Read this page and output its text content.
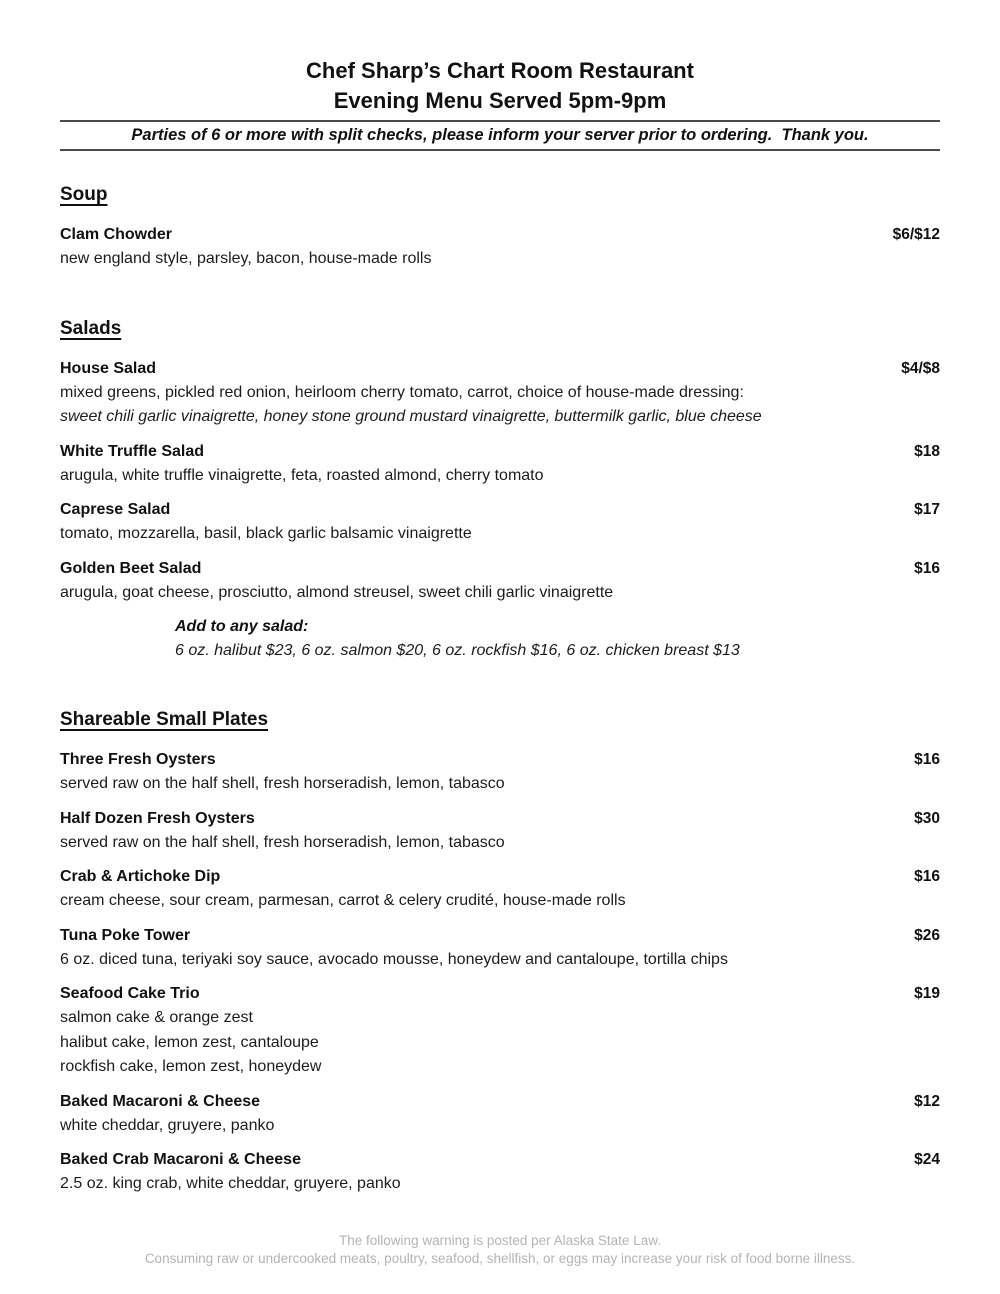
Chef Sharp’s Chart Room Restaurant
Evening Menu Served 5pm-9pm

Parties of 6 or more with split checks, please inform your server prior to ordering.  Thank you.

Soup
Clam Chowder	$6/$12
new england style, parsley, bacon, house-made rolls
Salads
House Salad	$4/$8
mixed greens, pickled red onion, heirloom cherry tomato, carrot, choice of house-made dressing:
sweet chili garlic vinaigrette, honey stone ground mustard vinaigrette, buttermilk garlic, blue cheese
White Truffle Salad	$18
arugula, white truffle vinaigrette, feta, roasted almond, cherry tomato
Caprese Salad	$17
tomato, mozzarella, basil, black garlic balsamic vinaigrette
Golden Beet Salad	$16
arugula, goat cheese, prosciutto, almond streusel, sweet chili garlic vinaigrette
Add to any salad:
6 oz. halibut $23, 6 oz. salmon $20, 6 oz. rockfish $16, 6 oz. chicken breast $13
Shareable Small Plates
Three Fresh Oysters	$16
served raw on the half shell, fresh horseradish, lemon, tabasco
Half Dozen Fresh Oysters	$30
served raw on the half shell, fresh horseradish, lemon, tabasco
Crab & Artichoke Dip	$16
cream cheese, sour cream, parmesan, carrot & celery crudité, house-made rolls
Tuna Poke Tower	$26
6 oz. diced tuna, teriyaki soy sauce, avocado mousse, honeydew and cantaloupe, tortilla chips
Seafood Cake Trio	$19
salmon cake & orange zest
halibut cake, lemon zest, cantaloupe
rockfish cake, lemon zest, honeydew
Baked Macaroni & Cheese	$12
white cheddar, gruyere, panko
Baked Crab Macaroni & Cheese	$24
2.5 oz. king crab, white cheddar, gruyere, panko
The following warning is posted per Alaska State Law.
Consuming raw or undercooked meats, poultry, seafood, shellfish, or eggs may increase your risk of food borne illness.
